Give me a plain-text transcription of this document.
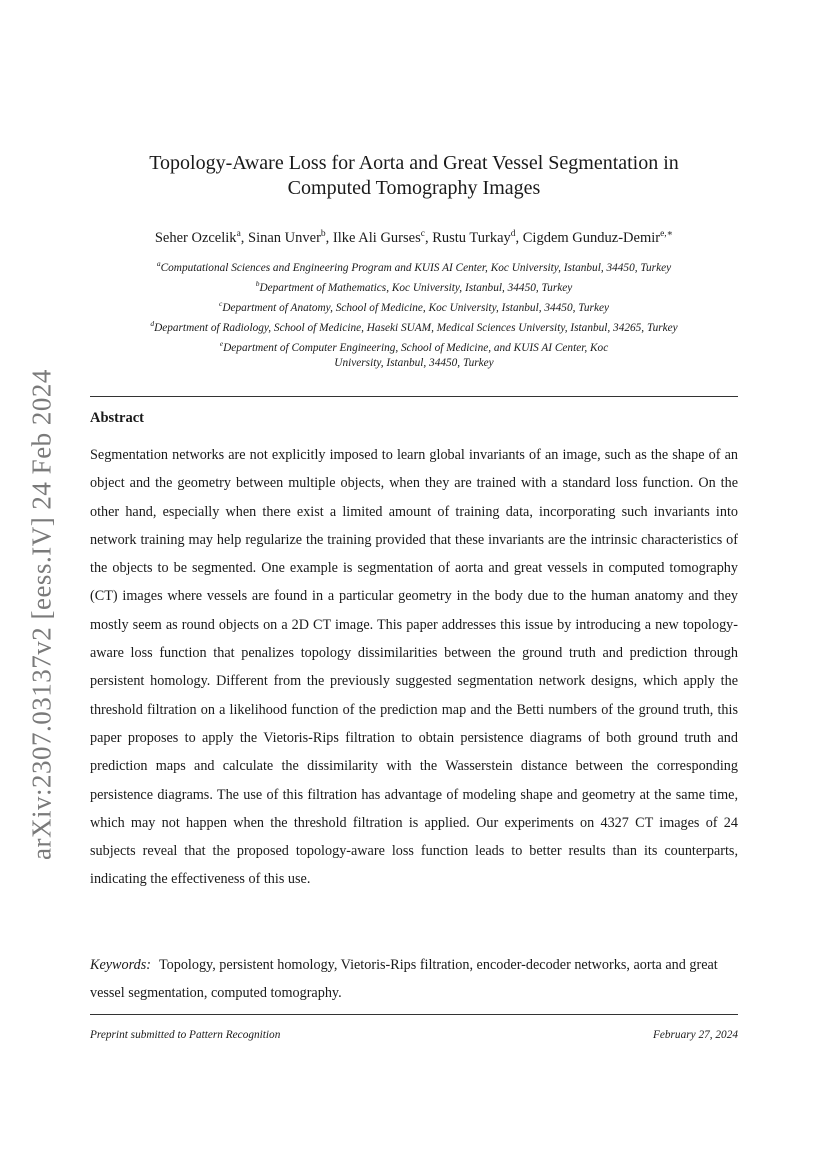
arXiv:2307.03137v2 [eess.IV] 24 Feb 2024
Topology-Aware Loss for Aorta and Great Vessel Segmentation in
Computed Tomography Images
Seher Ozcelik$^a$, Sinan Unver$^b$, Ilke Ali Gurses$^c$, Rustu Turkay$^d$, Cigdem Gunduz-Demir$^{e,∗}$
$^a$Computational Sciences and Engineering Program and KUIS AI Center, Koc University, Istanbul, 34450, Turkey
$^b$Department of Mathematics, Koc University, Istanbul, 34450, Turkey
$^c$Department of Anatomy, School of Medicine, Koc University, Istanbul, 34450, Turkey
$^d$Department of Radiology, School of Medicine, Haseki SUAM, Medical Sciences University, Istanbul, 34265, Turkey
$^e$Department of Computer Engineering, School of Medicine, and KUIS AI Center, Koc
University, Istanbul, 34450, Turkey
Abstract

Segmentation networks are not explicitly imposed to learn global invariants of an image, such as the shape of an object and the geometry between multiple objects, when they are trained with a standard loss function. On the other hand, especially when there exist a limited amount of training data, incorporating such invariants into network training may help regularize the training provided that these invariants are the intrinsic characteristics of the objects to be segmented. One example is segmentation of aorta and great vessels in computed tomography (CT) images where vessels are found in a particular geometry in the body due to the human anatomy and they mostly seem as round objects on a 2D CT image. This paper addresses this issue by introducing a new topology-aware loss function that penalizes topology dissimilarities between the ground truth and prediction through persistent homology. Different from the previously suggested segmentation network designs, which apply the threshold filtration on a likelihood function of the prediction map and the Betti numbers of the ground truth, this paper proposes to apply the Vietoris-Rips filtration to obtain persistence diagrams of both ground truth and prediction maps and calculate the dissimilarity with the Wasserstein distance between the corresponding persistence diagrams. The use of this filtration has advantage of modeling shape and geometry at the same time, which may not happen when the threshold filtration is applied. Our experiments on 4327 CT images of 24 subjects reveal that the proposed topology-aware loss function leads to better results than its counterparts, indicating the effectiveness of this use.

Keywords: Topology, persistent homology, Vietoris-Rips filtration, encoder-decoder networks, aorta and great vessel segmentation, computed tomography.

Preprint submitted to Pattern Recognition	February 27, 2024
